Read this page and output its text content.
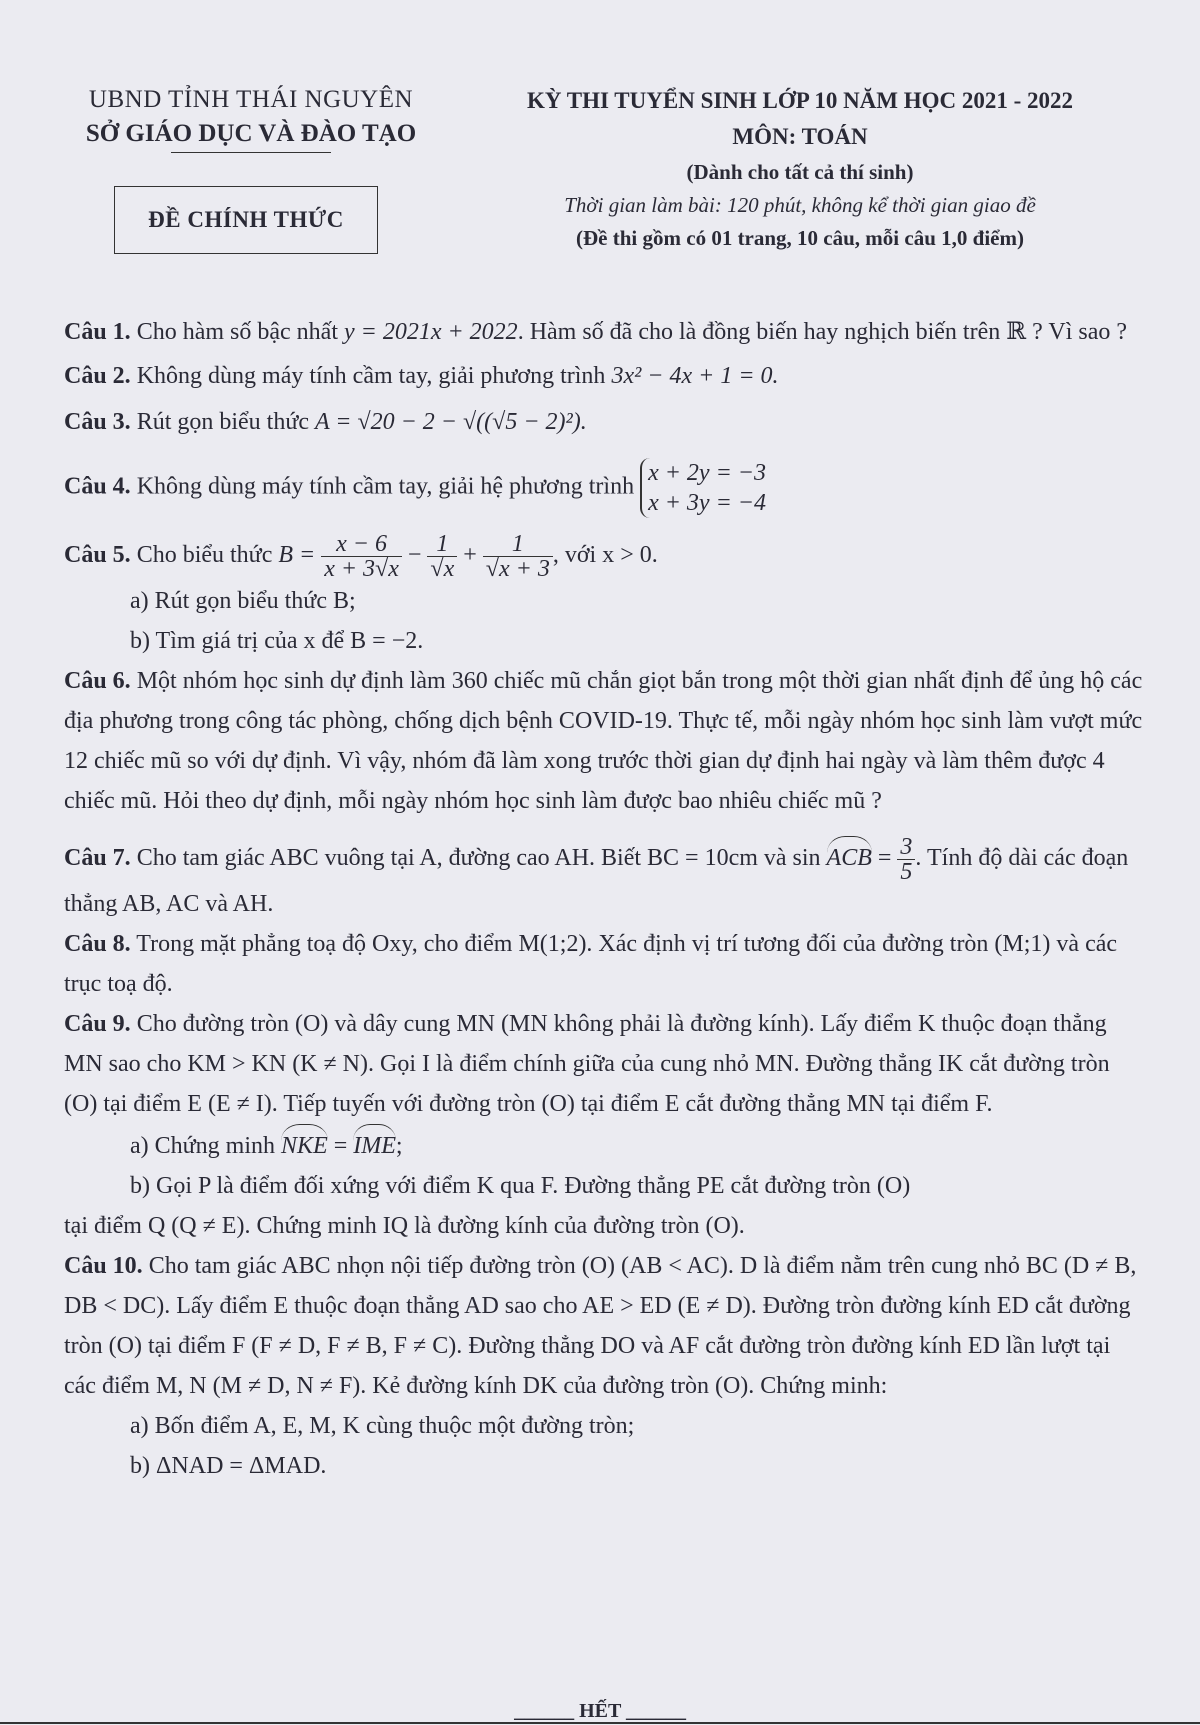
UBND TỈNH THÁI NGUYÊN
SỞ GIÁO DỤC VÀ ĐÀO TẠO
ĐỀ CHÍNH THỨC
KỲ THI TUYỂN SINH LỚP 10 NĂM HỌC 2021 - 2022
MÔN: TOÁN
(Dành cho tất cả thí sinh)
Thời gian làm bài: 120 phút, không kể thời gian giao đề
(Đề thi gồm có 01 trang, 10 câu, mỗi câu 1,0 điểm)

Câu 1. Cho hàm số bậc nhất y = 2021x + 2022. Hàm số đã cho là đồng biến hay nghịch biến trên ℝ ? Vì sao ?

Câu 2. Không dùng máy tính cầm tay, giải phương trình 3x² − 4x + 1 = 0.

Câu 3. Rút gọn biểu thức A = √20 − 2 − √((√5 − 2)²).

Câu 4. Không dùng máy tính cầm tay, giải hệ phương trình
x + 2y = −3
x + 3y = −4

Câu 5. Cho biểu thức $B = \frac{x - 6}{x + 3√x} - \frac{1}{√x} + \frac{1}{√x + 3}$ , với x > 0.

a) Rút gọn biểu thức B;

b) Tìm giá trị của x để B = −2.

Câu 6. Một nhóm học sinh dự định làm 360 chiếc mũ chắn giọt bắn trong một thời gian nhất định để ủng hộ các địa phương trong công tác phòng, chống dịch bệnh COVID-19. Thực tế, mỗi ngày nhóm học sinh làm vượt mức 12 chiếc mũ so với dự định. Vì vậy, nhóm đã làm xong trước thời gian dự định hai ngày và làm thêm được 4 chiếc mũ. Hỏi theo dự định, mỗi ngày nhóm học sinh làm được bao nhiêu chiếc mũ ?

Câu 7. Cho tam giác ABC vuông tại A, đường cao AH. Biết BC = 10cm và sin ACB = $\frac{3}{5}$ . Tính độ dài các đoạn thẳng AB, AC và AH.

Câu 8. Trong mặt phẳng toạ độ Oxy, cho điểm M(1;2). Xác định vị trí tương đối của đường tròn (M;1) và các trục toạ độ.

Câu 9. Cho đường tròn (O) và dây cung MN (MN không phải là đường kính). Lấy điểm K thuộc đoạn thẳng MN sao cho KM > KN (K ≠ N). Gọi I là điểm chính giữa của cung nhỏ MN. Đường thẳng IK cắt đường tròn (O) tại điểm E (E ≠ I). Tiếp tuyến với đường tròn (O) tại điểm E cắt đường thẳng MN tại điểm F.

a) Chứng minh NKE = IME;

b) Gọi P là điểm đối xứng với điểm K qua F. Đường thẳng PE cắt đường tròn (O)

tại điểm Q (Q ≠ E). Chứng minh IQ là đường kính của đường tròn (O).

Câu 10. Cho tam giác ABC nhọn nội tiếp đường tròn (O) (AB < AC). D là điểm nằm trên cung nhỏ BC (D ≠ B, DB < DC). Lấy điểm E thuộc đoạn thẳng AD sao cho AE > ED (E ≠ D). Đường tròn đường kính ED cắt đường tròn (O) tại điểm F (F ≠ D, F ≠ B, F ≠ C). Đường thẳng DO và AF cắt đường tròn đường kính ED lần lượt tại các điểm M, N (M ≠ D, N ≠ F). Kẻ đường kính DK của đường tròn (O). Chứng minh:

a) Bốn điểm A, E, M, K cùng thuộc một đường tròn;

b) ΔNAD = ΔMAD.

______ HẾT ______
